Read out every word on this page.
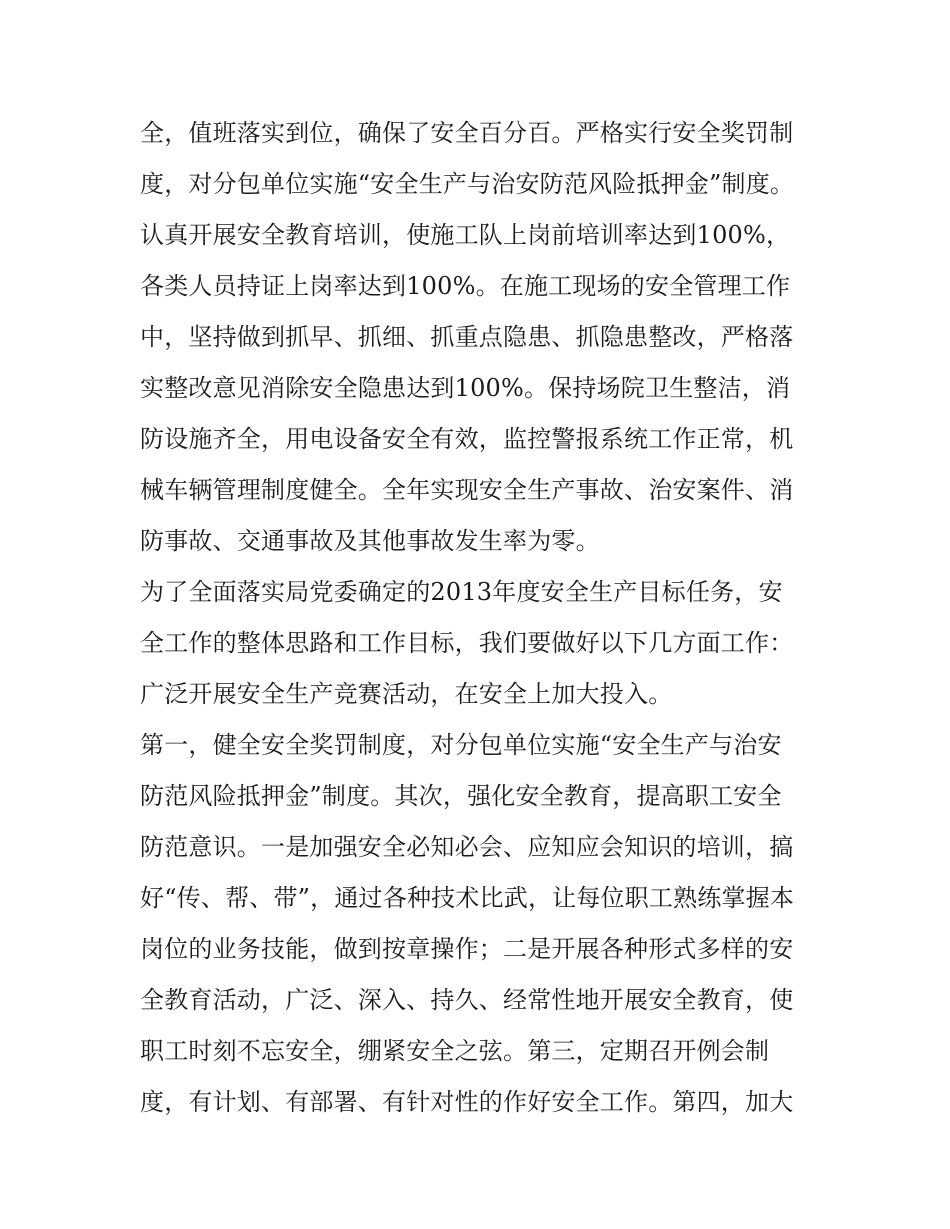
全，值班落实到位，确保了安全百分百。严格实行安全奖罚制
度，对分包单位实施“安全生产与治安防范风险抵押金”制度。
认真开展安全教育培训，使施工队上岗前培训率达到100%，
各类人员持证上岗率达到100%。在施工现场的安全管理工作
中，坚持做到抓早、抓细、抓重点隐患、抓隐患整改，严格落
实整改意见消除安全隐患达到100%。保持场院卫生整洁，消
防设施齐全，用电设备安全有效，监控警报系统工作正常，机
械车辆管理制度健全。全年实现安全生产事故、治安案件、消
防事故、交通事故及其他事故发生率为零。
为了全面落实局党委确定的2013年度安全生产目标任务，安
全工作的整体思路和工作目标，我们要做好以下几方面工作：
广泛开展安全生产竞赛活动，在安全上加大投入。
第一，健全安全奖罚制度，对分包单位实施“安全生产与治安
防范风险抵押金”制度。其次，强化安全教育，提高职工安全
防范意识。一是加强安全必知必会、应知应会知识的培训，搞
好“传、帮、带”，通过各种技术比武，让每位职工熟练掌握本
岗位的业务技能，做到按章操作；二是开展各种形式多样的安
全教育活动，广泛、深入、持久、经常性地开展安全教育，使
职工时刻不忘安全，绷紧安全之弦。第三，定期召开例会制
度，有计划、有部署、有针对性的作好安全工作。第四，加大
